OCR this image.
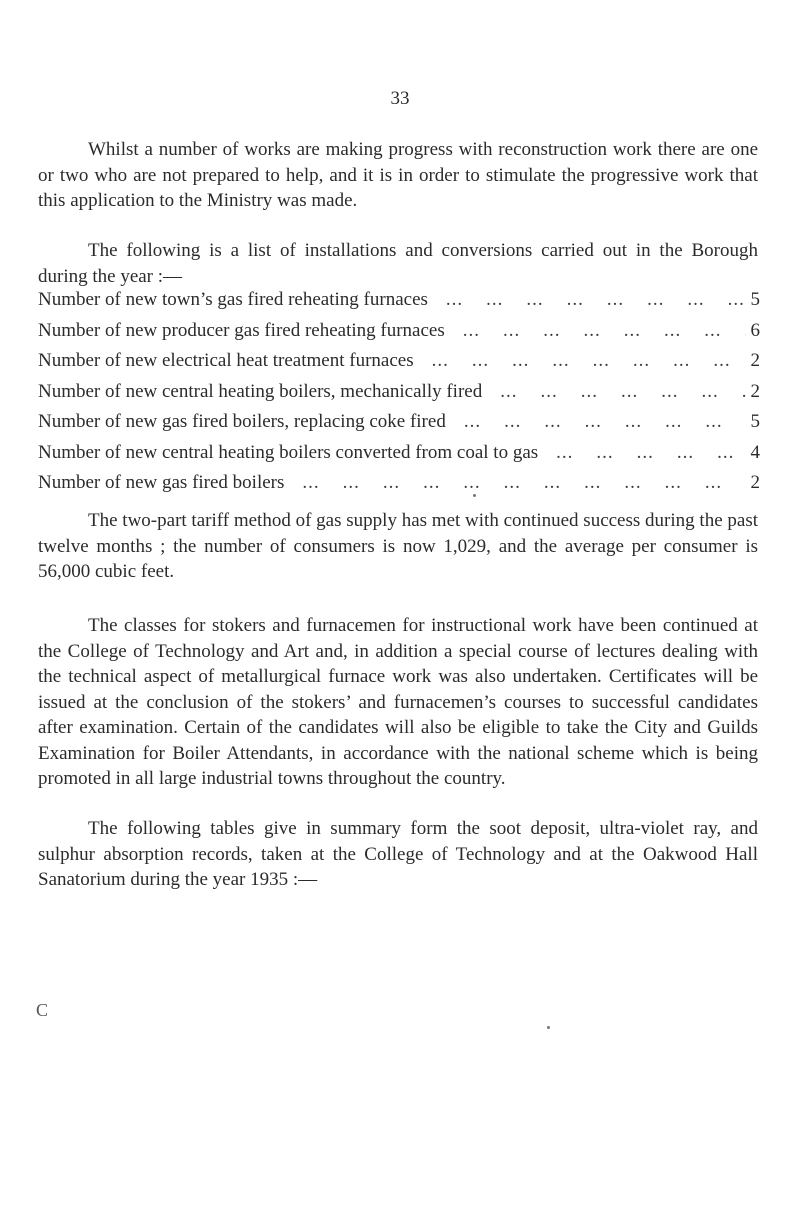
33

Whilst a number of works are making progress with reconstruction work there are one or two who are not prepared to help, and it is in order to stimulate the progressive work that this application to the Ministry was made.

The following is a list of installations and conversions carried out in the Borough during the year :—

Number of new town’s gas fired reheating furnaces ...	5
Number of new producer gas fired reheating furnaces ...	6
Number of new electrical heat treatment furnaces ...	2
Number of new central heating boilers, mechanically fired ...	2
Number of new gas fired boilers, replacing coke fired ...	5
Number of new central heating boilers converted from coal to gas ...	4
Number of new gas fired boilers ...	2

The two-part tariff method of gas supply has met with continued success during the past twelve months ; the number of consumers is now 1,029, and the average per consumer is 56,000 cubic feet.

The classes for stokers and furnacemen for instructional work have been continued at the College of Technology and Art and, in addition a special course of lectures dealing with the technical aspect of metallurgical furnace work was also undertaken. Certificates will be issued at the conclusion of the stokers’ and furnacemen’s courses to successful candidates after examination. Certain of the candidates will also be eligible to take the City and Guilds Examination for Boiler Attendants, in accordance with the national scheme which is being promoted in all large industrial towns throughout the country.

The following tables give in summary form the soot deposit, ultra-violet ray, and sulphur absorption records, taken at the College of Technology and at the Oakwood Hall Sanatorium during the year 1935 :—

C
